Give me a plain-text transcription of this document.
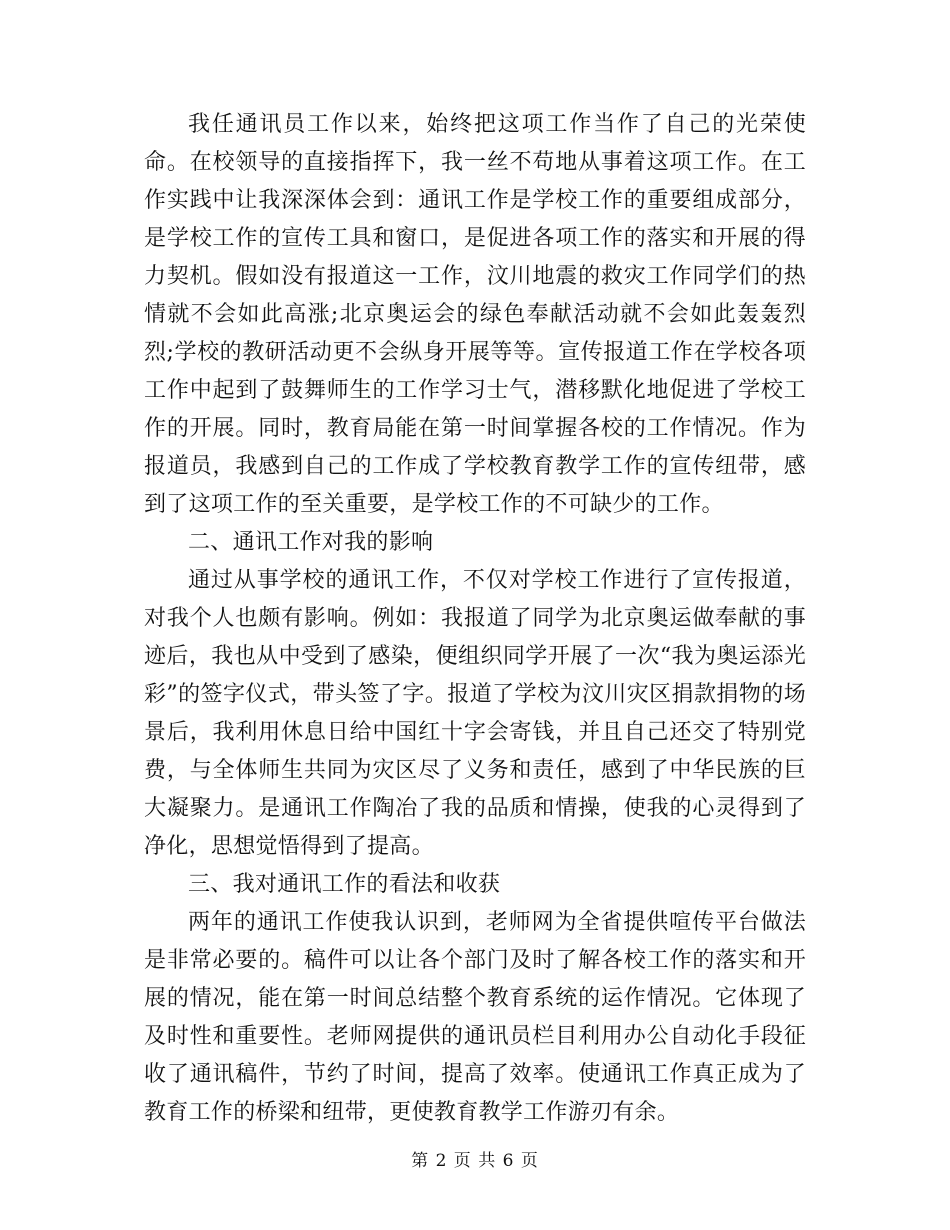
我任通讯员工作以来，始终把这项工作当作了自己的光荣使命。在校领导的直接指挥下，我一丝不苟地从事着这项工作。在工作实践中让我深深体会到：通讯工作是学校工作的重要组成部分，是学校工作的宣传工具和窗口，是促进各项工作的落实和开展的得力契机。假如没有报道这一工作，汶川地震的救灾工作同学们的热情就不会如此高涨;北京奥运会的绿色奉献活动就不会如此轰轰烈烈;学校的教研活动更不会纵身开展等等。宣传报道工作在学校各项工作中起到了鼓舞师生的工作学习士气，潜移默化地促进了学校工作的开展。同时，教育局能在第一时间掌握各校的工作情况。作为报道员，我感到自己的工作成了学校教育教学工作的宣传纽带，感到了这项工作的至关重要，是学校工作的不可缺少的工作。

二、通讯工作对我的影响

通过从事学校的通讯工作，不仅对学校工作进行了宣传报道，对我个人也颇有影响。例如：我报道了同学为北京奥运做奉献的事迹后，我也从中受到了感染，便组织同学开展了一次“我为奥运添光彩”的签字仪式，带头签了字。报道了学校为汶川灾区捐款捐物的场景后，我利用休息日给中国红十字会寄钱，并且自己还交了特别党费，与全体师生共同为灾区尽了义务和责任，感到了中华民族的巨大凝聚力。是通讯工作陶冶了我的品质和情操，使我的心灵得到了净化，思想觉悟得到了提高。

三、我对通讯工作的看法和收获

两年的通讯工作使我认识到，老师网为全省提供喧传平台做法是非常必要的。稿件可以让各个部门及时了解各校工作的落实和开展的情况，能在第一时间总结整个教育系统的运作情况。它体现了及时性和重要性。老师网提供的通讯员栏目利用办公自动化手段征收了通讯稿件，节约了时间，提高了效率。使通讯工作真正成为了教育工作的桥梁和纽带，更使教育教学工作游刃有余。

第 2 页 共 6 页
